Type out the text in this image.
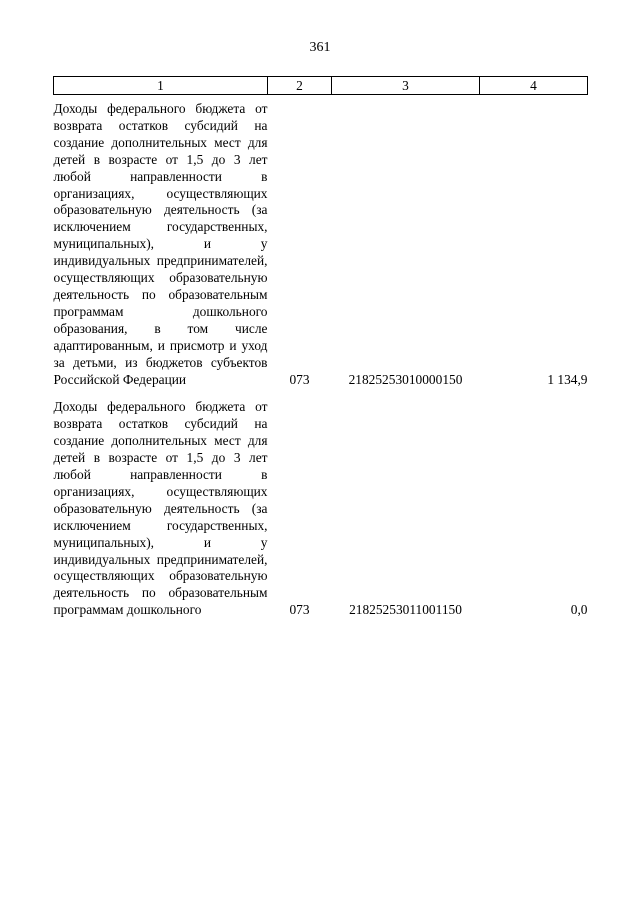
361
1	2	3	4
Доходы федерального бюджета от возврата остатков субсидий на создание дополнительных мест для детей в возрасте от 1,5 до 3 лет любой направленности в организациях, осуществляющих образовательную деятельность (за исключением государственных, муниципальных), и у индивидуальных предпринимателей, осуществляющих образовательную деятельность по образовательным программам дошкольного образования, в том числе адаптированным, и присмотр и уход за детьми, из бюджетов субъектов Российской Федерации	073	21825253010000150	1 134,9
Доходы федерального бюджета от возврата остатков субсидий на создание дополнительных мест для детей в возрасте от 1,5 до 3 лет любой направленности в организациях, осуществляющих образовательную деятельность (за исключением государственных, муниципальных), и у индивидуальных предпринимателей, осуществляющих образовательную деятельность по образовательным программам дошкольного	073	21825253011001150	0,0
